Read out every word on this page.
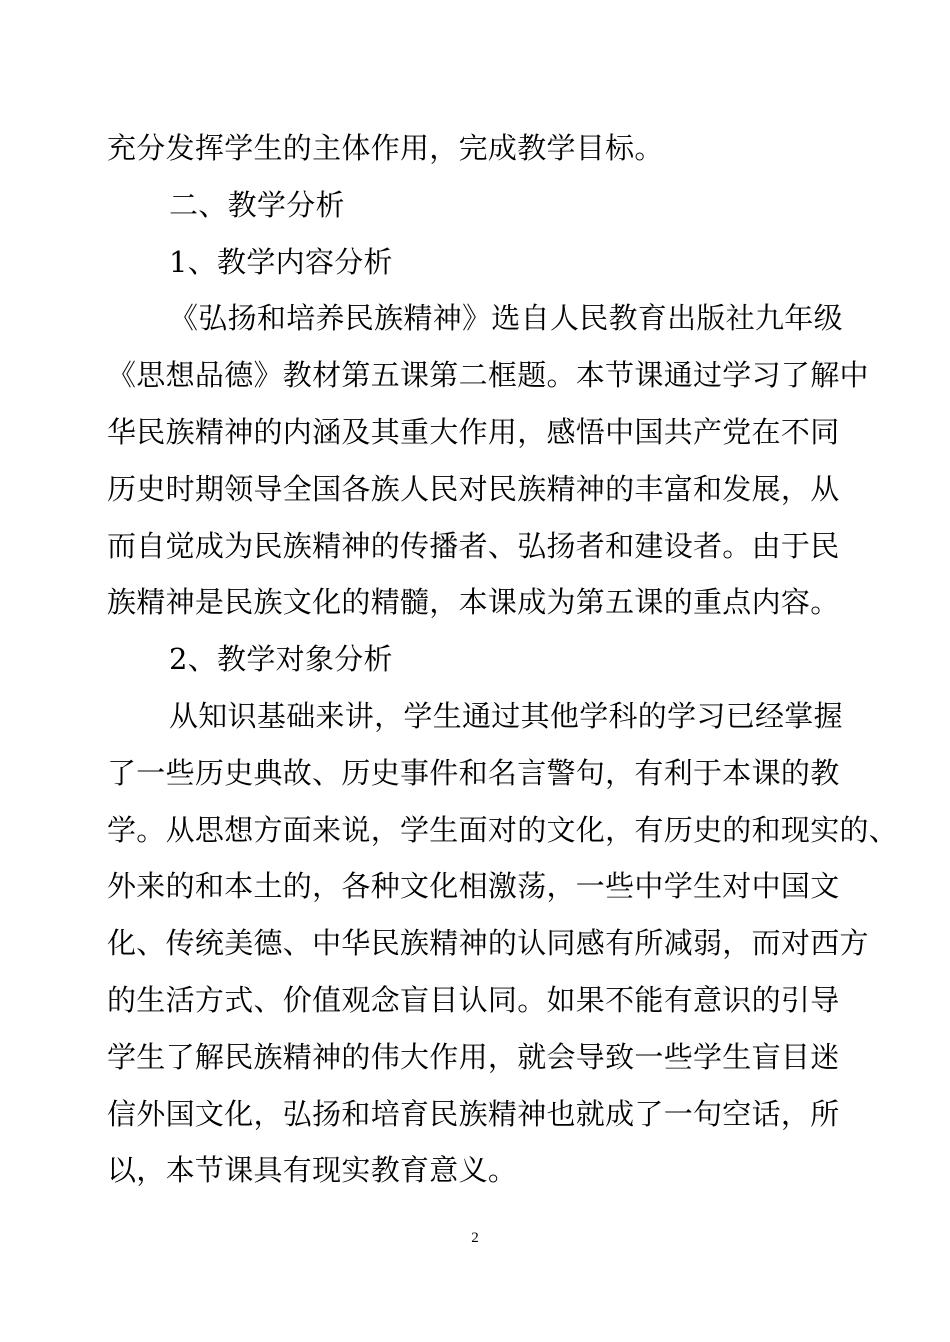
充分发挥学生的主体作用，完成教学目标。
二、教学分析
1、教学内容分析
《弘扬和培养民族精神》选自人民教育出版社九年级
《思想品德》教材第五课第二框题。本节课通过学习了解中
华民族精神的内涵及其重大作用，感悟中国共产党在不同
历史时期领导全国各族人民对民族精神的丰富和发展，从
而自觉成为民族精神的传播者、弘扬者和建设者。由于民
族精神是民族文化的精髓，本课成为第五课的重点内容。
2、教学对象分析
从知识基础来讲，学生通过其他学科的学习已经掌握
了一些历史典故、历史事件和名言警句，有利于本课的教
学。从思想方面来说，学生面对的文化，有历史的和现实的、
外来的和本土的，各种文化相激荡，一些中学生对中国文
化、传统美德、中华民族精神的认同感有所减弱，而对西方
的生活方式、价值观念盲目认同。如果不能有意识的引导
学生了解民族精神的伟大作用，就会导致一些学生盲目迷
信外国文化，弘扬和培育民族精神也就成了一句空话，所
以，本节课具有现实教育意义。
2
